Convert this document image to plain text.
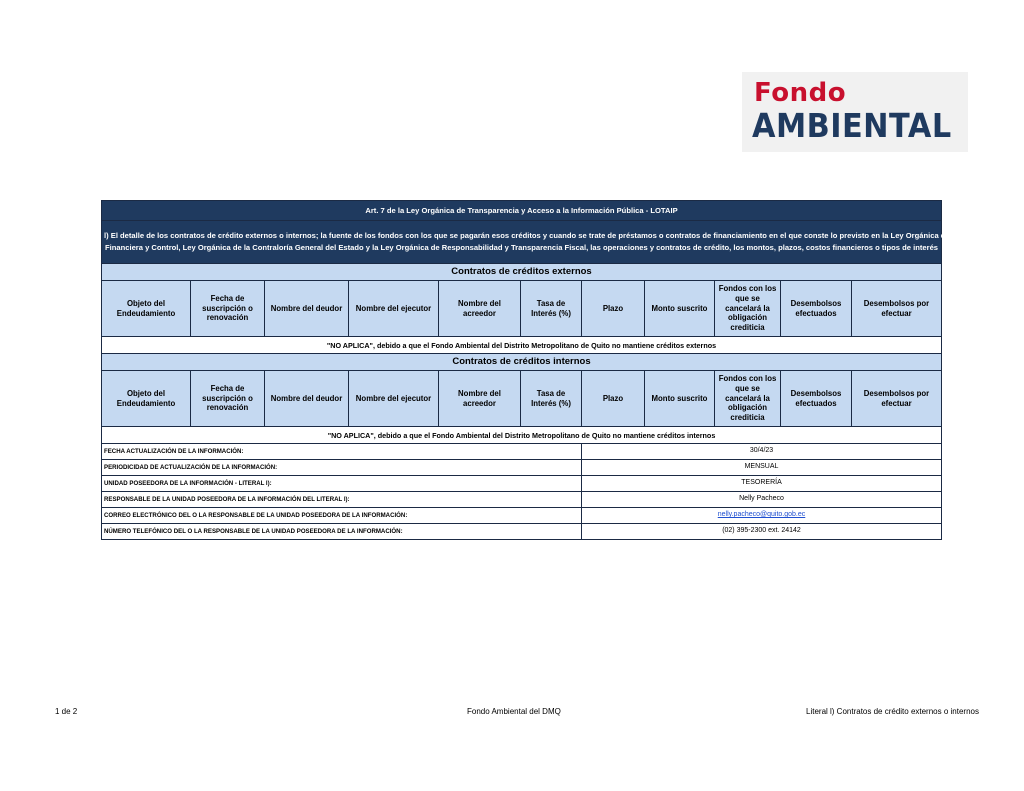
Fondo
AMBIENTAL
Art. 7 de la Ley Orgánica de Transparencia y Acceso a la Información Pública - LOTAIP										
l) El detalle de los contratos de crédito externos o internos; la fuente de los fondos con los que se pagarán esos créditos y cuando se trate de préstamos o contratos de financiamiento en el que conste lo previsto en la Ley Orgánica de Administración
Financiera y Control, Ley Orgánica de la Contraloría General del Estado y la Ley Orgánica de Responsabilidad y Transparencia Fiscal, las operaciones y contratos de crédito, los montos, plazos, costos financieros o tipos de interés										
Contratos de créditos externos										
Objeto del Endeudamiento	Fecha de suscripción o renovación	Nombre del deudor	Nombre del ejecutor	Nombre del acreedor	Tasa de Interés (%)	Plazo	Monto suscrito	Fondos con los que se cancelará la obligación crediticia	Desembolsos efectuados	Desembolsos por efectuar
"NO APLICA", debido a que el Fondo Ambiental del Distrito Metropolitano de Quito no mantiene créditos externos										
Contratos de créditos internos										
Objeto del Endeudamiento	Fecha de suscripción o renovación	Nombre del deudor	Nombre del ejecutor	Nombre del acreedor	Tasa de Interés (%)	Plazo	Monto suscrito	Fondos con los que se cancelará la obligación crediticia	Desembolsos efectuados	Desembolsos por efectuar
"NO APLICA", debido a que el Fondo Ambiental del Distrito Metropolitano de Quito no mantiene créditos internos										
FECHA ACTUALIZACIÓN DE LA INFORMACIÓN:						30/4/23				
PERIODICIDAD DE ACTUALIZACIÓN DE LA INFORMACIÓN:						MENSUAL				
UNIDAD POSEEDORA DE LA INFORMACIÓN - LITERAL l):						TESORERÍA				
RESPONSABLE DE LA UNIDAD POSEEDORA DE LA INFORMACIÓN DEL LITERAL l):						Nelly Pacheco				
CORREO ELECTRÓNICO DEL O LA RESPONSABLE DE LA UNIDAD POSEEDORA DE LA INFORMACIÓN:						nelly.pacheco@quito.gob.ec				
NÚMERO TELEFÓNICO DEL O LA RESPONSABLE DE LA UNIDAD POSEEDORA DE LA INFORMACIÓN:						(02) 395-2300 ext. 24142				
1 de 2	Fondo Ambiental del DMQ	Literal l) Contratos de crédito externos o internos
